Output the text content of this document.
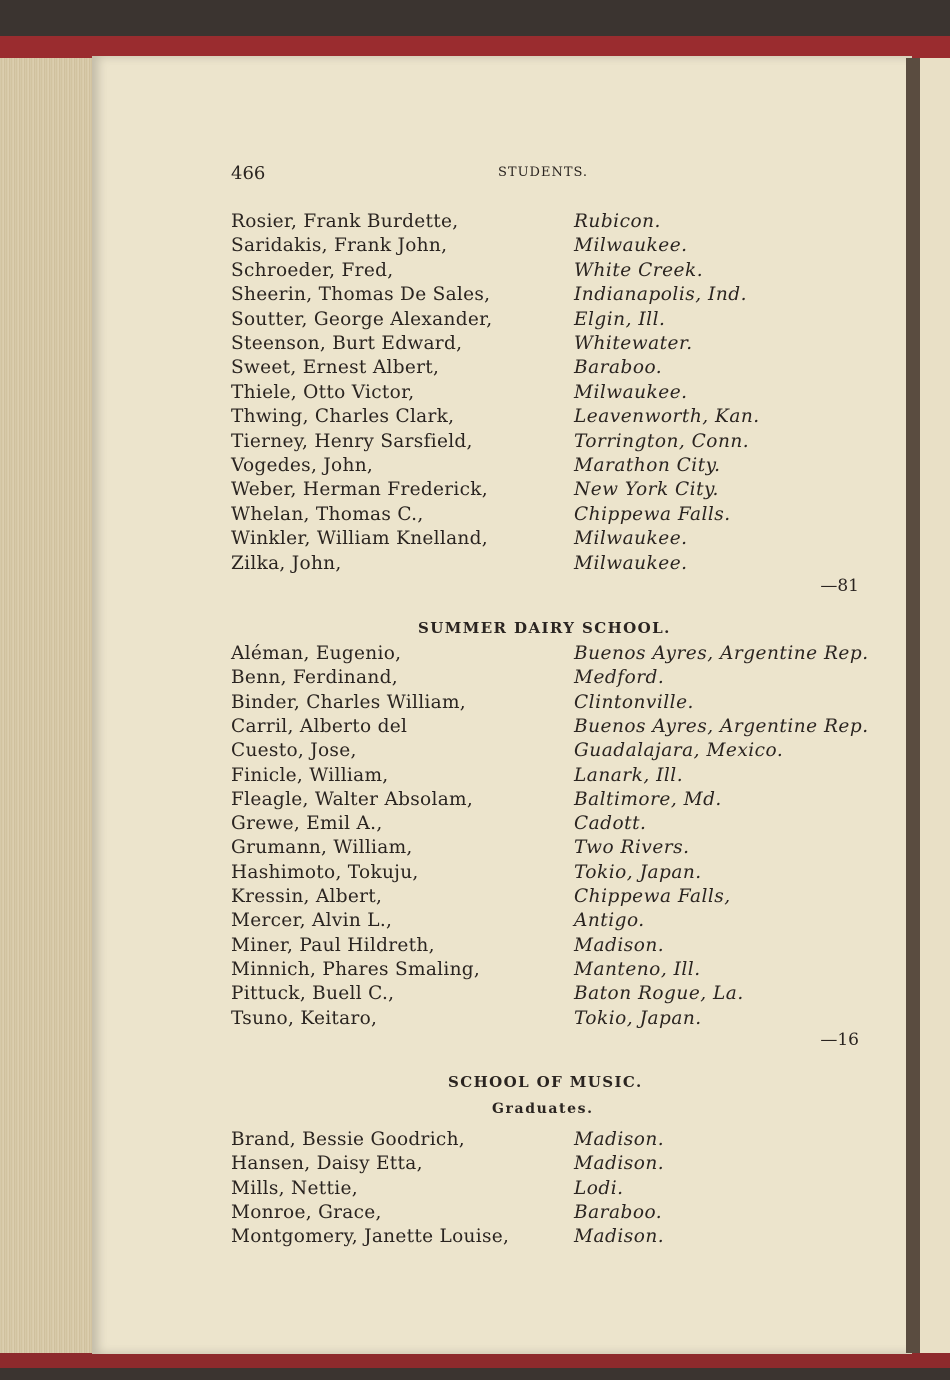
466	STUDENTS.
Rosier, Frank Burdette,	Rubicon.
Saridakis, Frank John,	Milwaukee.
Schroeder, Fred,	White Creek.
Sheerin, Thomas De Sales,	Indianapolis, Ind.
Soutter, George Alexander,	Elgin, Ill.
Steenson, Burt Edward,	Whitewater.
Sweet, Ernest Albert,	Baraboo.
Thiele, Otto Victor,	Milwaukee.
Thwing, Charles Clark,	Leavenworth, Kan.
Tierney, Henry Sarsfield,	Torrington, Conn.
Vogedes, John,	Marathon City.
Weber, Herman Frederick,	New York City.
Whelan, Thomas C.,	Chippewa Falls.
Winkler, William Knelland,	Milwaukee.
Zilka, John,	Milwaukee.
—81
SUMMER DAIRY SCHOOL.
Aléman, Eugenio,	Buenos Ayres, Argentine Rep.
Benn, Ferdinand,	Medford.
Binder, Charles William,	Clintonville.
Carril, Alberto del	Buenos Ayres, Argentine Rep.
Cuesto, Jose,	Guadalajara, Mexico.
Finicle, William,	Lanark, Ill.
Fleagle, Walter Absolam,	Baltimore, Md.
Grewe, Emil A.,	Cadott.
Grumann, William,	Two Rivers.
Hashimoto, Tokuju,	Tokio, Japan.
Kressin, Albert,	Chippewa Falls,
Mercer, Alvin L.,	Antigo.
Miner, Paul Hildreth,	Madison.
Minnich, Phares Smaling,	Manteno, Ill.
Pittuck, Buell C.,	Baton Rogue, La.
Tsuno, Keitaro,	Tokio, Japan.
—16
SCHOOL OF MUSIC.
Graduates.
Brand, Bessie Goodrich,	Madison.
Hansen, Daisy Etta,	Madison.
Mills, Nettie,	Lodi.
Monroe, Grace,	Baraboo.
Montgomery, Janette Louise,	Madison.
